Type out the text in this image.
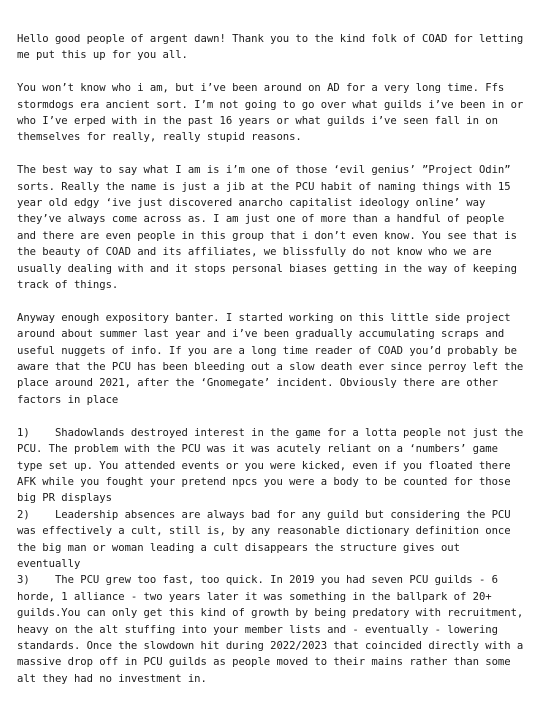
Hello good people of argent dawn! Thank you to the kind folk of COAD for letting me put this up for you all.

You won’t know who i am, but i’ve been around on AD for a very long time. Ffs stormdogs era ancient sort. I’m not going to go over what guilds i’ve been in or who I’ve erped with in the past 16 years or what guilds i’ve seen fall in on themselves for really, really stupid reasons.

The best way to say what I am is i’m one of those ‘evil genius’ ”Project Odin” sorts. Really the name is just a jib at the PCU habit of naming things with 15 year old edgy ‘ive just discovered anarcho capitalist ideology online’ way they’ve always come across as. I am just one of more than a handful of people and there are even people in this group that i don’t even know. You see that is the beauty of COAD and its affiliates, we blissfully do not know who we are usually dealing with and it stops personal biases getting in the way of keeping track of things.

Anyway enough expository banter. I started working on this little side project around about summer last year and i’ve been gradually accumulating scraps and useful nuggets of info. If you are a long time reader of COAD you’d probably be aware that the PCU has been bleeding out a slow death ever since perroy left the place around 2021, after the ‘Gnomegate’ incident. Obviously there are other factors in place

1)    Shadowlands destroyed interest in the game for a lotta people not just the PCU. The problem with the PCU was it was acutely reliant on a ‘numbers’ game type set up. You attended events or you were kicked, even if you floated there AFK while you fought your pretend npcs you were a body to be counted for those big PR displays

2)    Leadership absences are always bad for any guild but considering the PCU was effectively a cult, still is, by any reasonable dictionary definition once the big man or woman leading a cult disappears the structure gives out eventually

3)    The PCU grew too fast, too quick. In 2019 you had seven PCU guilds - 6 horde, 1 alliance - two years later it was something in the ballpark of 20+ guilds.You can only get this kind of growth by being predatory with recruitment, heavy on the alt stuffing into your member lists and - eventually - lowering standards. Once the slowdown hit during 2022/2023 that coincided directly with a massive drop off in PCU guilds as people moved to their mains rather than some alt they had no investment in.
